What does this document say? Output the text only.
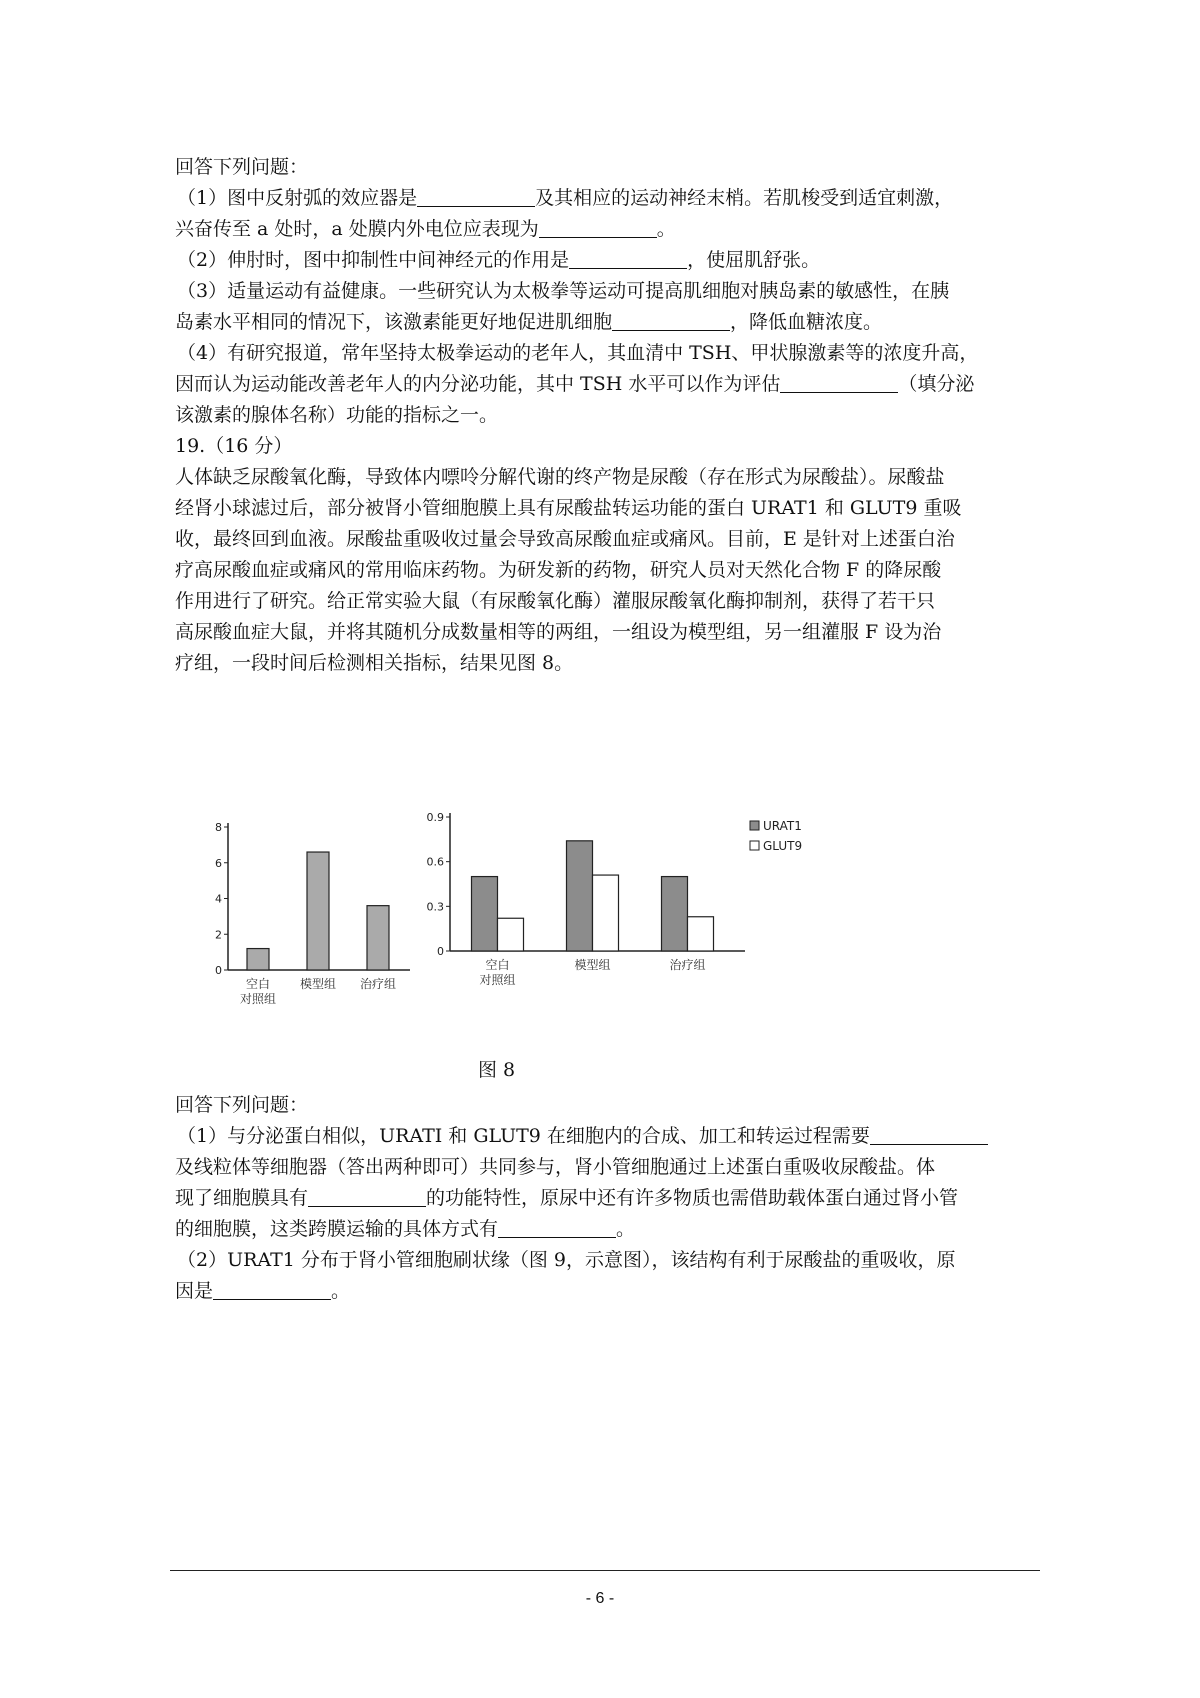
回答下列问题：
（1）图中反射弧的效应器是	及其相应的运动神经末梢。若肌梭受到适宜刺激，
兴奋传至 a 处时，a 处膜内外电位应表现为	。
（2）伸肘时，图中抑制性中间神经元的作用是	，使屈肌舒张。
（3）适量运动有益健康。一些研究认为太极拳等运动可提高肌细胞对胰岛素的敏感性，在胰
岛素水平相同的情况下，该激素能更好地促进肌细胞	，降低血糖浓度。
（4）有研究报道，常年坚持太极拳运动的老年人，其血清中 TSH、甲状腺激素等的浓度升高，
因而认为运动能改善老年人的内分泌功能，其中 TSH 水平可以作为评估	（填分泌
该激素的腺体名称）功能的指标之一。
19.（16 分）
人体缺乏尿酸氧化酶，导致体内嘌呤分解代谢的终产物是尿酸（存在形式为尿酸盐）。尿酸盐
经肾小球滤过后，部分被肾小管细胞膜上具有尿酸盐转运功能的蛋白 URAT1 和 GLUT9 重吸
收，最终回到血液。尿酸盐重吸收过量会导致高尿酸血症或痛风。目前，E 是针对上述蛋白治
疗高尿酸血症或痛风的常用临床药物。为研发新的药物，研究人员对天然化合物 F 的降尿酸
作用进行了研究。给正常实验大鼠（有尿酸氧化酶）灌服尿酸氧化酶抑制剂，获得了若干只
高尿酸血症大鼠，并将其随机分成数量相等的两组，一组设为模型组，另一组灌服 F 设为治
疗组，一段时间后检测相关指标，结果见图 8。
0
2
4
6
8
空白
对照组
模型组 治疗组
0
0.3
0.6
0.9
空白
对照组
模型组	治疗组
URAT1
GLUT9
图 8
回答下列问题：
（1）与分泌蛋白相似，URATI 和 GLUT9 在细胞内的合成、加工和转运过程需要
及线粒体等细胞器（答出两种即可）共同参与，肾小管细胞通过上述蛋白重吸收尿酸盐。体
现了细胞膜具有	的功能特性，原尿中还有许多物质也需借助载体蛋白通过肾小管
的细胞膜，这类跨膜运输的具体方式有	。
（2）URAT1 分布于肾小管细胞刷状缘（图 9，示意图），该结构有利于尿酸盐的重吸收，原
因是	。
- 6 -
